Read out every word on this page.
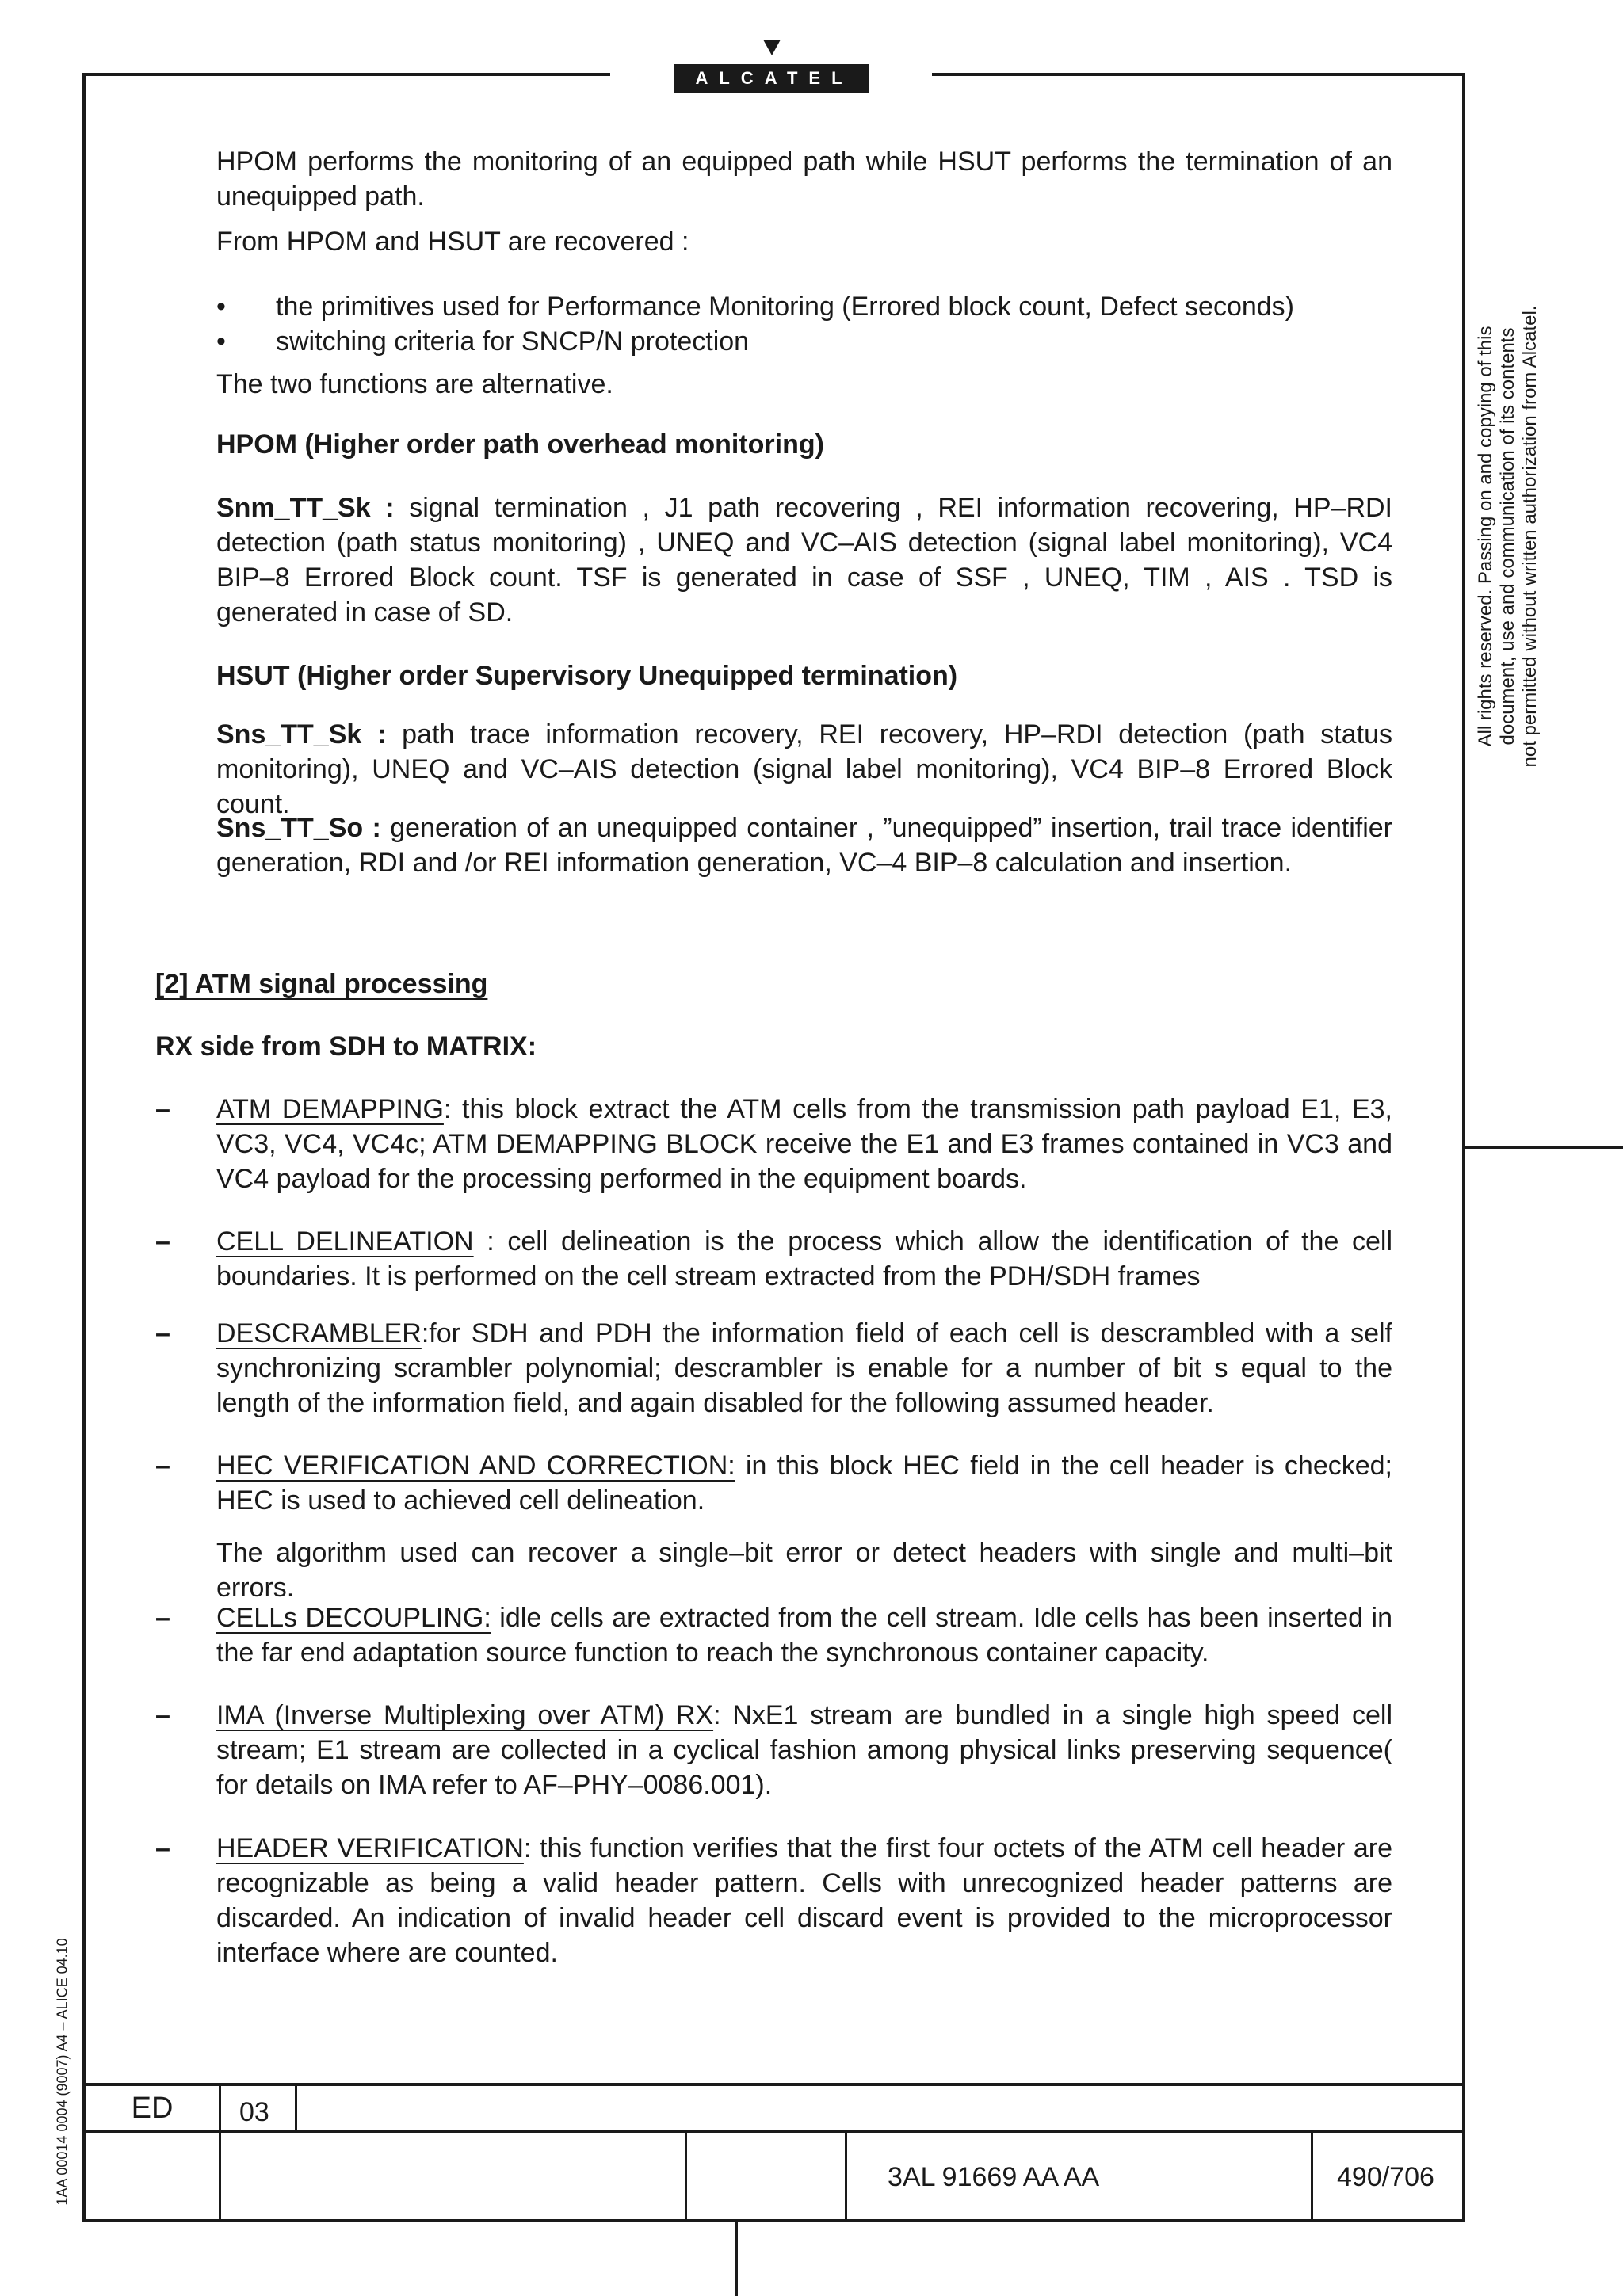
ALCATEL
HPOM performs the monitoring of an equipped path while HSUT performs the termination of an unequipped path.
From HPOM and HSUT are recovered :
• the primitives used for Performance Monitoring (Errored block count, Defect seconds)
• switching criteria for SNCP/N protection
The two functions are alternative.
HPOM (Higher order path overhead monitoring)
Snm_TT_Sk : signal termination , J1 path recovering , REI information recovering, HP–RDI detection (path status monitoring) , UNEQ and VC–AIS detection (signal label monitoring), VC4 BIP–8 Errored Block count. TSF is generated in case of SSF , UNEQ, TIM , AIS . TSD is generated in case of SD.
HSUT (Higher order Supervisory Unequipped termination)
Sns_TT_Sk : path trace information recovery, REI recovery, HP–RDI detection (path status monitoring), UNEQ and VC–AIS detection (signal label monitoring), VC4 BIP–8 Errored Block count.
Sns_TT_So : generation of an unequipped container , ”unequipped” insertion, trail trace identifier generation, RDI and /or REI information generation, VC–4 BIP–8 calculation and insertion.
[2] ATM signal processing
RX side from SDH to MATRIX:
– ATM DEMAPPING: this block extract the ATM cells from the transmission path payload E1, E3, VC3, VC4, VC4c; ATM DEMAPPING BLOCK receive the E1 and E3 frames contained in VC3 and VC4 payload for the processing performed in the equipment boards.
– CELL DELINEATION : cell delineation is the process which allow the identification of the cell boundaries. It is performed on the cell stream extracted from the PDH/SDH frames
– DESCRAMBLER:for SDH and PDH the information field of each cell is descrambled with a self synchronizing scrambler polynomial; descrambler is enable for a number of bit s equal to the length of the information field, and again disabled for the following assumed header.
– HEC VERIFICATION AND CORRECTION: in this block HEC field in the cell header is checked; HEC is used to achieved cell delineation.
The algorithm used can recover a single–bit error or detect headers with single and multi–bit errors.
– CELLs DECOUPLING: idle cells are extracted from the cell stream. Idle cells has been inserted in the far end adaptation source function to reach the synchronous container capacity.
– IMA (Inverse Multiplexing over ATM) RX: NxE1 stream are bundled in a single high speed cell stream; E1 stream are collected in a cyclical fashion among physical links preserving sequence( for details on IMA refer to AF–PHY–0086.001).
– HEADER VERIFICATION: this function verifies that the first four octets of the ATM cell header are recognizable as being a valid header pattern. Cells with unrecognized header patterns are discarded. An indication of invalid header cell discard event is provided to the microprocessor interface where are counted.
All rights reserved. Passing on and copying of this document, use and communication of its contents not permitted without written authorization from Alcatel.
1AA 00014 0004 (9007) A4 – ALICE 04.10	ED	03
3AL 91669 AA AA	490/706
